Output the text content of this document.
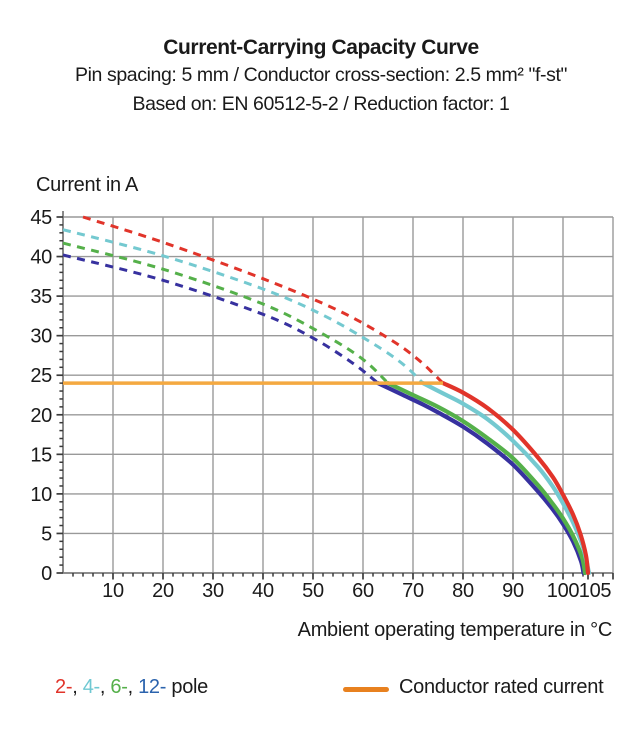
Current-Carrying Capacity Curve
Pin spacing: 5 mm / Conductor cross-section: 2.5 mm² "f-st"
Based on: EN 60512-5-2 / Reduction factor: 1
Current in A
10 20 30 40 50 60 70 80 90 100 105
0
5
10
15
20
25
30
35
40
45
Ambient operating temperature in °C
2-, 4-, 6-, 12- pole	Conductor rated current
